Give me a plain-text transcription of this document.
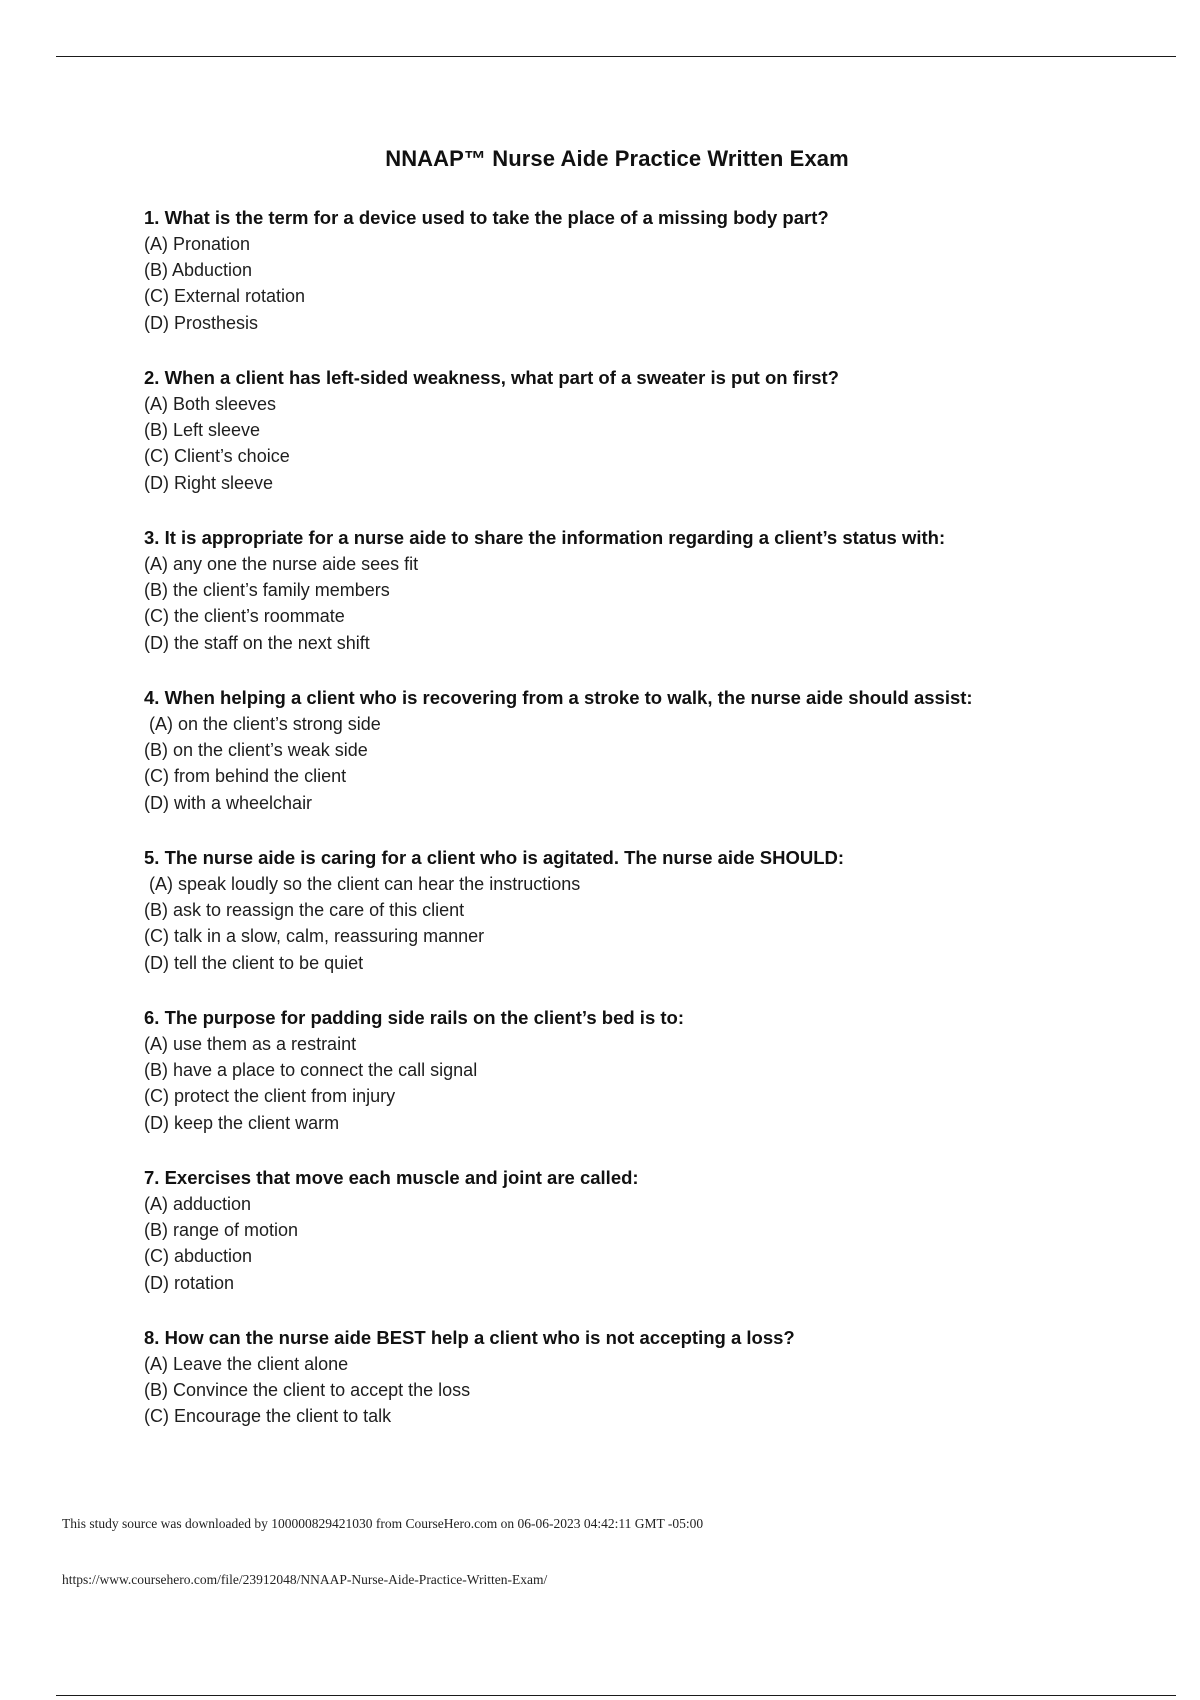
NNAAP™ Nurse Aide Practice Written Exam
1. What is the term for a device used to take the place of a missing body part?
(A) Pronation
(B) Abduction
(C) External rotation
(D) Prosthesis
2. When a client has left-sided weakness, what part of a sweater is put on first?
(A) Both sleeves
(B) Left sleeve
(C) Client’s choice
(D) Right sleeve
3. It is appropriate for a nurse aide to share the information regarding a client’s status with:
(A) any one the nurse aide sees fit
(B) the client’s family members
(C) the client’s roommate
(D) the staff on the next shift
4. When helping a client who is recovering from a stroke to walk, the nurse aide should assist:
(A) on the client’s strong side
(B) on the client’s weak side
(C) from behind the client
(D) with a wheelchair
5. The nurse aide is caring for a client who is agitated. The nurse aide SHOULD:
(A) speak loudly so the client can hear the instructions
(B) ask to reassign the care of this client
(C) talk in a slow, calm, reassuring manner
(D) tell the client to be quiet
6. The purpose for padding side rails on the client’s bed is to:
(A) use them as a restraint
(B) have a place to connect the call signal
(C) protect the client from injury
(D) keep the client warm
7. Exercises that move each muscle and joint are called:
(A) adduction
(B) range of motion
(C) abduction
(D) rotation
8. How can the nurse aide BEST help a client who is not accepting a loss?
(A) Leave the client alone
(B) Convince the client to accept the loss
(C) Encourage the client to talk
This study source was downloaded by 100000829421030 from CourseHero.com on 06-06-2023 04:42:11 GMT -05:00
https://www.coursehero.com/file/23912048/NNAAP-Nurse-Aide-Practice-Written-Exam/
